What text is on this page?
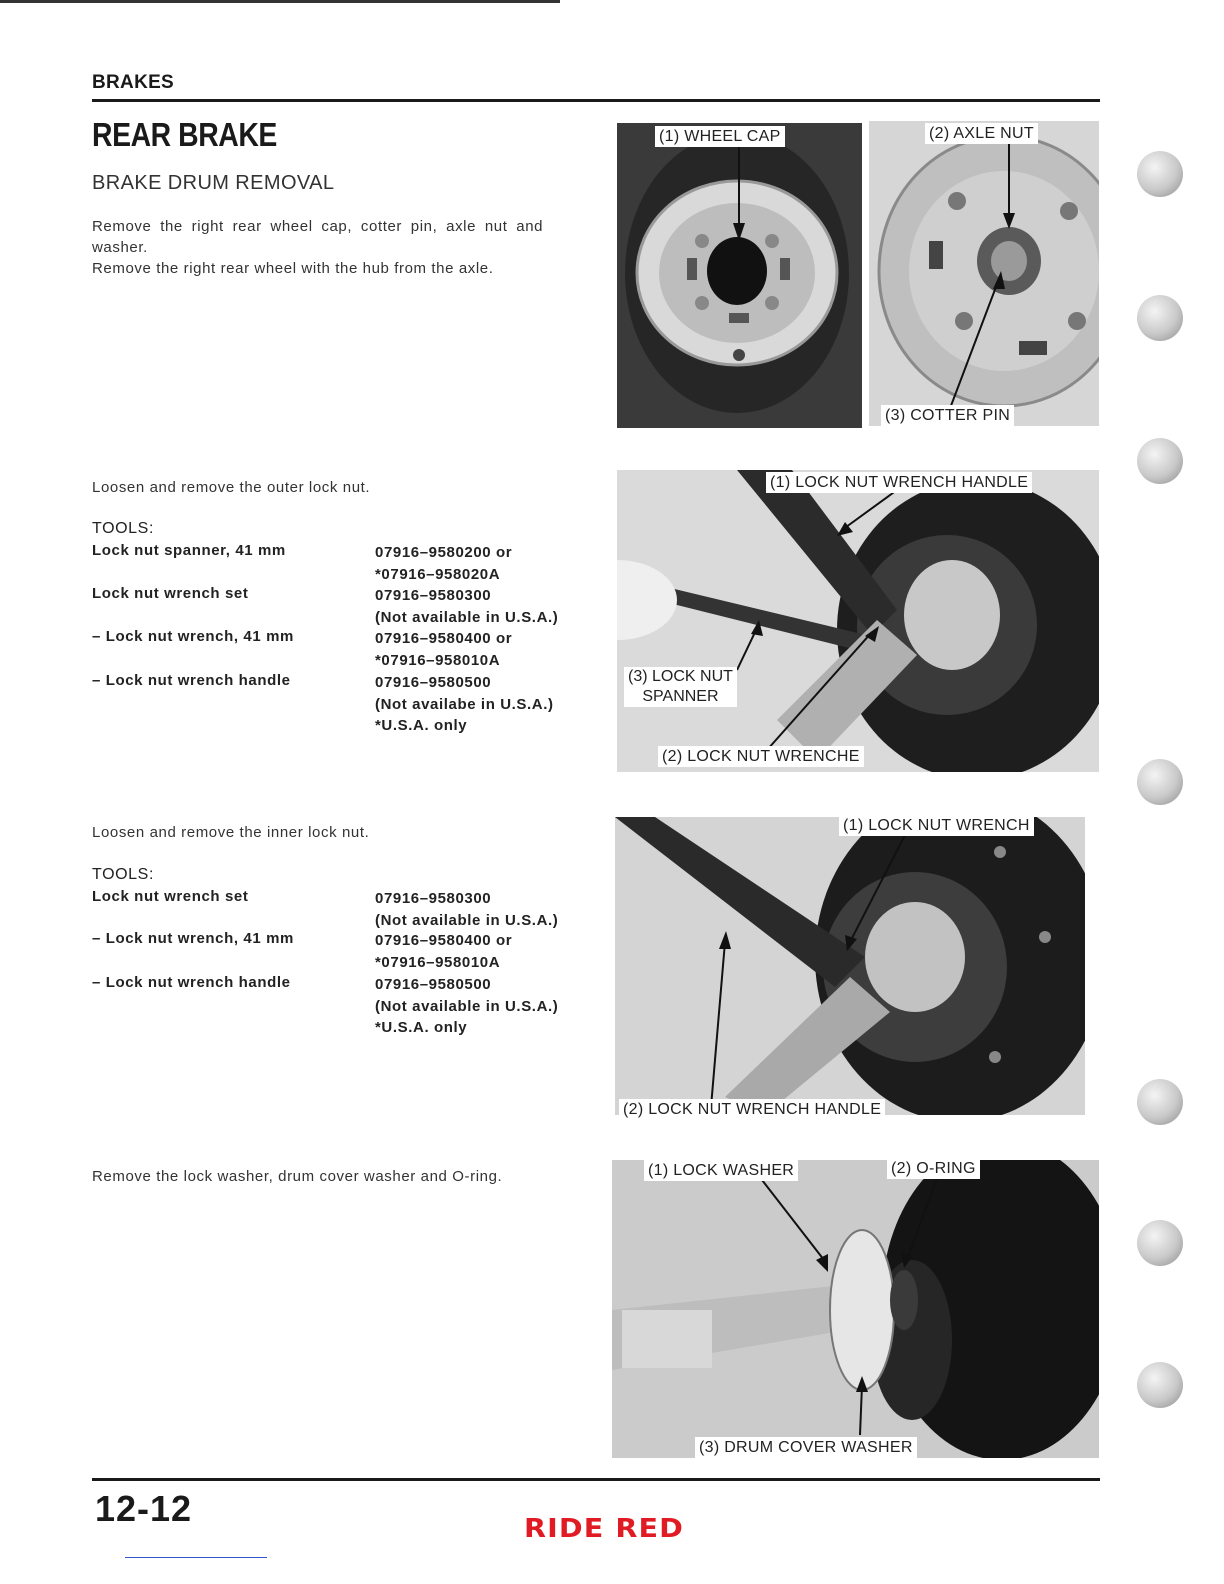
BRAKES
REAR BRAKE
BRAKE DRUM REMOVAL
Remove the right rear wheel cap, cotter pin, axle nut and
washer.
Remove the right rear wheel with the hub from the axle.
Loosen and remove the outer lock nut.
TOOLS:
Lock nut spanner, 41 mm	07916–9580200 or
*07916–958020A
Lock nut wrench set	07916–9580300
(Not available in U.S.A.)
– Lock nut wrench, 41 mm	07916–9580400 or
*07916–958010A
– Lock nut wrench handle	07916–9580500
(Not availabe in U.S.A.)
*U.S.A. only
Loosen and remove the inner lock nut.
TOOLS:
Lock nut wrench set	07916–9580300
(Not available in U.S.A.)
– Lock nut wrench, 41 mm	07916–9580400 or
*07916–958010A
– Lock nut wrench handle	07916–9580500
(Not available in U.S.A.)
*U.S.A. only
Remove the lock washer, drum cover washer and O-ring.
(1) WHEEL CAP	(2) AXLE NUT
(3) COTTER PIN
(1) LOCK NUT WRENCH HANDLE
(3) LOCK NUT
SPANNER
(2) LOCK NUT WRENCHE
(1) LOCK NUT WRENCH
(2) LOCK NUT WRENCH HANDLE
(1) LOCK WASHER	(2) O-RING
(3) DRUM COVER WASHER
12-12	RIDE RED
